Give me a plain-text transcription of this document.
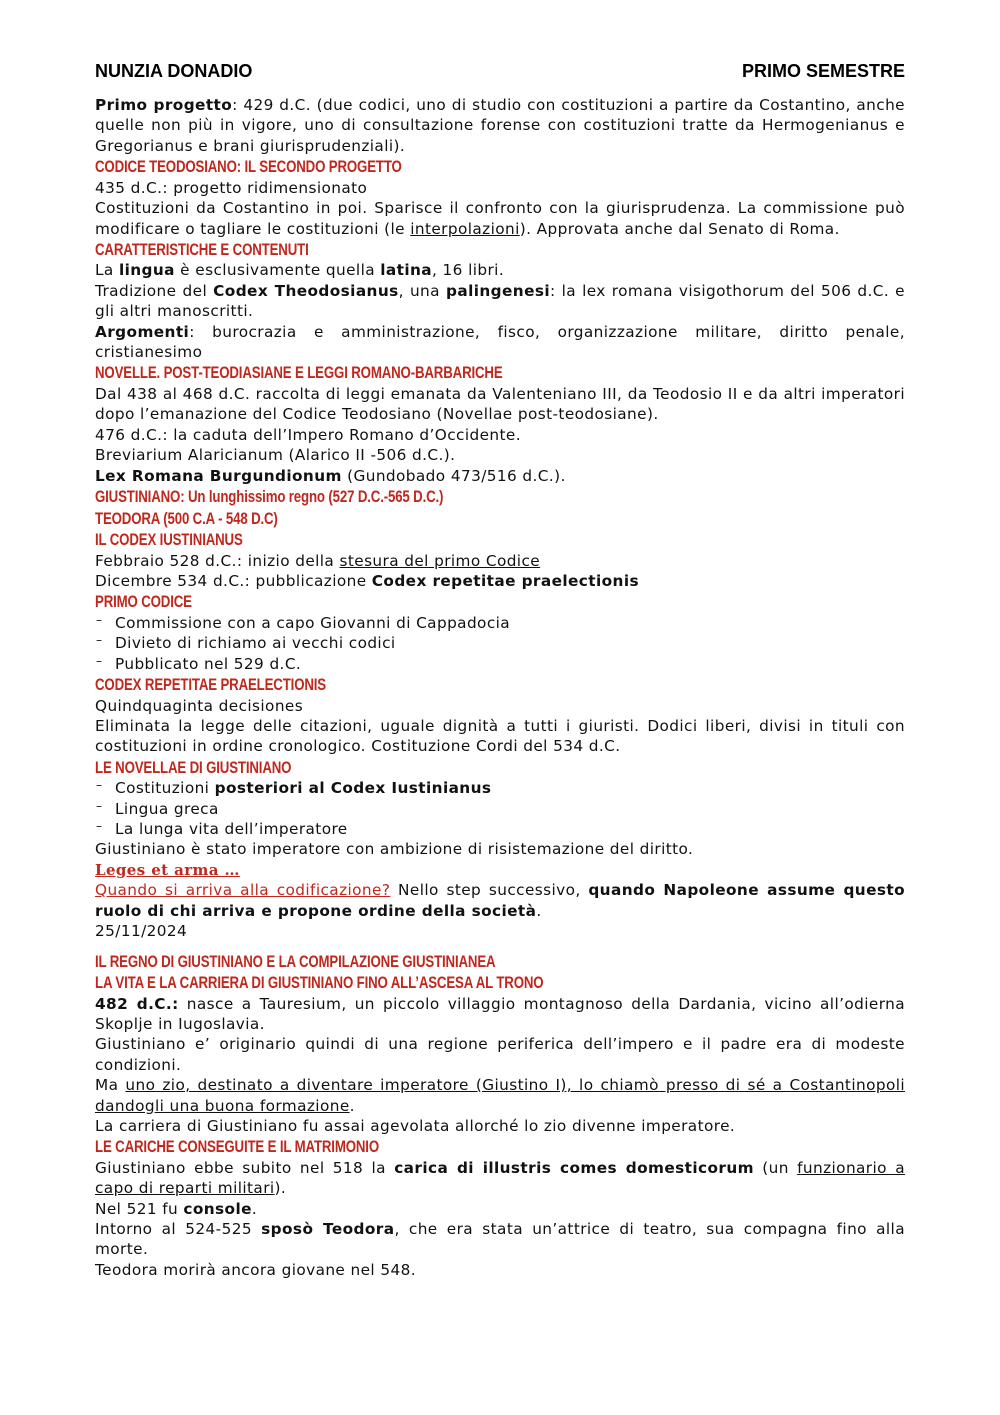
NUNZIA DONADIO	PRIMO SEMESTRE

Primo progetto: 429 d.C. (due codici, uno di studio con costituzioni a partire da Costantino, anche quelle non più in vigore, uno di consultazione forense con costituzioni tratte da Hermogenianus e Gregorianus e brani giurisprudenziali).

CODICE TEODOSIANO: IL SECONDO PROGETTO

435 d.C.: progetto ridimensionato

Costituzioni da Costantino in poi. Sparisce il confronto con la giurisprudenza. La commissione può modificare o tagliare le costituzioni (le interpolazioni). Approvata anche dal Senato di Roma.

CARATTERISTICHE E CONTENUTI

La lingua è esclusivamente quella latina, 16 libri.

Tradizione del Codex Theodosianus, una palingenesi: la lex romana visigothorum del 506 d.C. e gli altri manoscritti.

Argomenti: burocrazia e amministrazione, fisco, organizzazione militare, diritto penale, cristianesimo

NOVELLE. POST-TEODIASIANE E LEGGI ROMANO-BARBARICHE

Dal 438 al 468 d.C. raccolta di leggi emanata da Valenteniano III, da Teodosio II e da altri imperatori dopo l’emanazione del Codice Teodosiano (Novellae post-teodosiane).

476 d.C.: la caduta dell’Impero Romano d’Occidente.

Breviarium Alaricianum (Alarico II -506 d.C.).

Lex Romana Burgundionum (Gundobado 473/516 d.C.).

GIUSTINIANO: Un lunghissimo regno (527 D.C.-565 D.C.)
TEODORA (500 C.A - 548 D.C)
IL CODEX IUSTINIANUS

Febbraio 528 d.C.: inizio della stesura del primo Codice

Dicembre 534 d.C.: pubblicazione Codex repetitae praelectionis

PRIMO CODICE
– Commissione con a capo Giovanni di Cappadocia
– Divieto di richiamo ai vecchi codici
– Pubblicato nel 529 d.C.
CODEX REPETITAE PRAELECTIONIS

Quindquaginta decisiones

Eliminata la legge delle citazioni, uguale dignità a tutti i giuristi. Dodici liberi, divisi in tituli con costituzioni in ordine cronologico. Costituzione Cordi del 534 d.C.

LE NOVELLAE DI GIUSTINIANO
– Costituzioni posteriori al Codex Iustinianus
– Lingua greca
– La lunga vita dell’imperatore

Giustiniano è stato imperatore con ambizione di risistemazione del diritto.

Leges et arma …

Quando si arriva alla codificazione? Nello step successivo, quando Napoleone assume questo ruolo di chi arriva e propone ordine della società.

25/11/2024

IL REGNO DI GIUSTINIANO E LA COMPILAZIONE GIUSTINIANEA
LA VITA E LA CARRIERA DI GIUSTINIANO FINO ALL’ASCESA AL TRONO

482 d.C.: nasce a Tauresium, un piccolo villaggio montagnoso della Dardania, vicino all’odierna Skoplje in Iugoslavia.

Giustiniano e’ originario quindi di una regione periferica dell’impero e il padre era di modeste condizioni.

Ma uno zio, destinato a diventare imperatore (Giustino I), lo chiamò presso di sé a Costantinopoli dandogli una buona formazione.

La carriera di Giustiniano fu assai agevolata allorché lo zio divenne imperatore.

LE CARICHE CONSEGUITE E IL MATRIMONIO

Giustiniano ebbe subito nel 518 la carica di illustris comes domesticorum (un funzionario a capo di reparti militari).

Nel 521 fu console.

Intorno al 524-525 sposò Teodora, che era stata un’attrice di teatro, sua compagna fino alla morte.

Teodora morirà ancora giovane nel 548.
